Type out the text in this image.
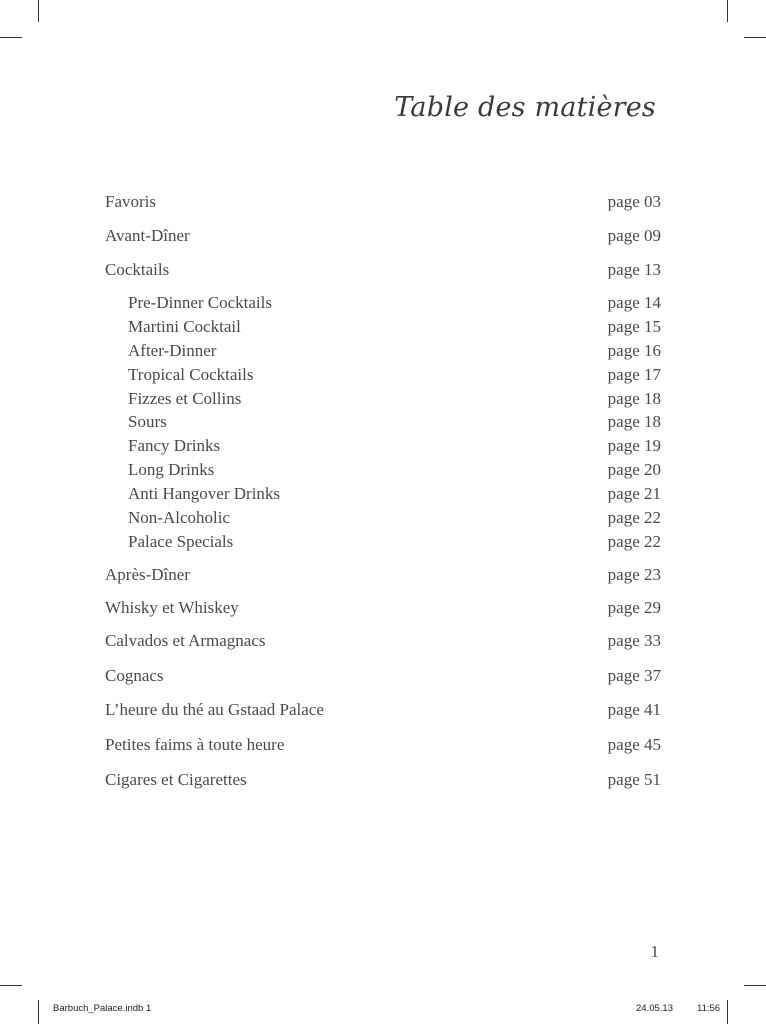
Table des matières
Favoris	page 03
Avant-Dîner	page 09
Cocktails	page 13
Pre-Dinner Cocktails	page 14
Martini Cocktail	page 15
After-Dinner	page 16
Tropical Cocktails	page 17
Fizzes et Collins	page 18
Sours	page 18
Fancy Drinks	page 19
Long Drinks	page 20
Anti Hangover Drinks	page 21
Non-Alcoholic	page 22
Palace Specials	page 22
Après-Dîner	page 23
Whisky et Whiskey	page 29
Calvados et Armagnacs	page 33
Cognacs	page 37
L’heure du thé au Gstaad Palace	page 41
Petites faims à toute heure	page 45
Cigares et Cigarettes	page 51
1
Barbuch_Palace.indb 1	24.05.13	11:56
